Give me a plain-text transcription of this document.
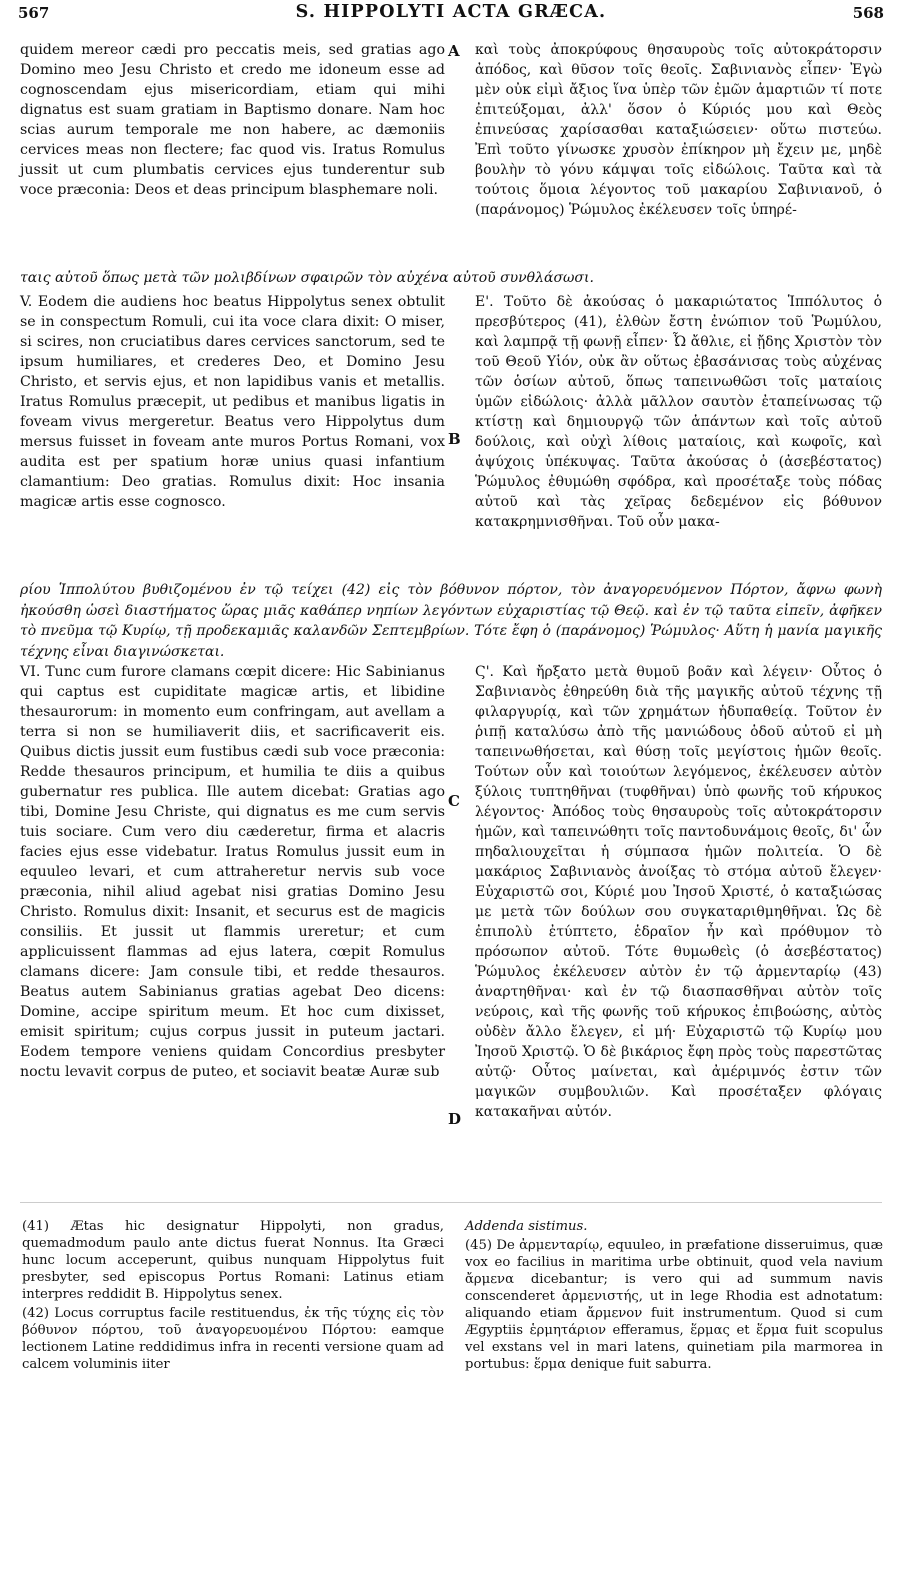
567	S. HIPPOLYTI ACTA GRÆCA.	568
A
B
C
D

quidem mereor cædi pro peccatis meis, sed gratias ago Domino meo Jesu Christo et credo me idoneum esse ad cognoscendam ejus misericordiam, etiam qui mihi dignatus est suam gratiam in Baptismo donare. Nam hoc scias aurum temporale me non habere, ac dæmoniis cervices meas non flectere; fac quod vis. Iratus Romulus jussit ut cum plumbatis cervices ejus tunderentur sub voce præconia: Deos et deas principum blasphemare noli.

καὶ τοὺς ἀποκρύφους θησαυροὺς τοῖς αὐτοκράτορσιν ἀπόδος, καὶ θῦσον τοῖς θεοῖς. Σαβινιανὸς εἶπεν· Ἐγὼ μὲν οὐκ εἰμὶ ἄξιος ἵνα ὑπὲρ τῶν ἐμῶν ἁμαρτιῶν τί ποτε ἐπιτεύξομαι, ἀλλ' ὅσον ὁ Κύριός μου καὶ Θεὸς ἐπινεύσας χαρίσασθαι καταξιώσειεν· οὕτω πιστεύω. Ἐπὶ τοῦτο γίνωσκε χρυσὸν ἐπίκηρον μὴ ἔχειν με, μηδὲ βουλὴν τὸ γόνυ κάμψαι τοῖς εἰδώλοις. Ταῦτα καὶ τὰ τούτοις ὅμοια λέγοντος τοῦ μακαρίου Σαβινιανοῦ, ὁ (παράνομος) Ῥώμυλος ἐκέλευσεν τοῖς ὑπηρέ-

ταις αὐτοῦ ὅπως μετὰ τῶν μολιβδίνων σφαιρῶν τὸν αὐχένα αὐτοῦ συνθλάσωσι.

V. Eodem die audiens hoc beatus Hippolytus senex obtulit se in conspectum Romuli, cui ita voce clara dixit: O miser, si scires, non cruciatibus dares cervices sanctorum, sed te ipsum humiliares, et crederes Deo, et Domino Jesu Christo, et servis ejus, et non lapidibus vanis et metallis. Iratus Romulus præcepit, ut pedibus et manibus ligatis in foveam vivus mergeretur. Beatus vero Hippolytus dum mersus fuisset in foveam ante muros Portus Romani, vox audita est per spatium horæ unius quasi infantium clamantium: Deo gratias. Romulus dixit: Hoc insania magicæ artis esse cognosco.

Ε'. Τοῦτο δὲ ἀκούσας ὁ μακαριώτατος Ἱππόλυτος ὁ πρεσβύτερος (41), ἐλθὼν ἔστη ἐνώπιον τοῦ Ῥωμύλου, καὶ λαμπρᾷ τῇ φωνῇ εἶπεν· Ὦ ἄθλιε, εἰ ᾔδης Χριστὸν τὸν τοῦ Θεοῦ Υἱόν, οὐκ ἂν οὕτως ἐβασάνισας τοὺς αὐχένας τῶν ὁσίων αὐτοῦ, ὅπως ταπεινωθῶσι τοῖς ματαίοις ὑμῶν εἰδώλοις· ἀλλὰ μᾶλλον σαυτὸν ἐταπείνωσας τῷ κτίστῃ καὶ δημιουργῷ τῶν ἁπάντων καὶ τοῖς αὐτοῦ δούλοις, καὶ οὐχὶ λίθοις ματαίοις, καὶ κωφοῖς, καὶ ἀψύχοις ὑπέκυψας. Ταῦτα ἀκούσας ὁ (ἀσεβέστατος) Ῥώμυλος ἐθυμώθη σφόδρα, καὶ προσέταξε τοὺς πόδας αὐτοῦ καὶ τὰς χεῖρας δεδεμένον εἰς βόθυνον κατακρημνισθῆναι. Τοῦ οὖν μακα-

ρίου Ἱππολύτου βυθιζομένου ἐν τῷ τείχει (42) εἰς τὸν βόθυνον πόρτον, τὸν ἀναγορευόμενον Πόρτον, ἄφνω φωνὴ ἠκούσθη ὡσεὶ διαστήματος ὥρας μιᾶς καθάπερ νηπίων λεγόντων εὐχαριστίας τῷ Θεῷ. καὶ ἐν τῷ ταῦτα εἰπεῖν, ἀφῆκεν τὸ πνεῦμα τῷ Κυρίῳ, τῇ προδεκαμιᾶς καλανδῶν Σεπτεμβρίων. Τότε ἔφη ὁ (παράνομος) Ῥώμυλος· Αὕτη ἡ μανία μαγικῆς τέχνης εἶναι διαγινώσκεται.

VI. Tunc cum furore clamans cœpit dicere: Hic Sabinianus qui captus est cupiditate magicæ artis, et libidine thesaurorum: in momento eum confringam, aut avellam a terra si non se humiliaverit diis, et sacrificaverit eis. Quibus dictis jussit eum fustibus cædi sub voce præconia: Redde thesauros principum, et humilia te diis a quibus gubernatur res publica. Ille autem dicebat: Gratias ago tibi, Domine Jesu Christe, qui dignatus es me cum servis tuis sociare. Cum vero diu cæderetur, firma et alacris facies ejus esse videbatur. Iratus Romulus jussit eum in equuleo levari, et cum attraheretur nervis sub voce præconia, nihil aliud agebat nisi gratias Domino Jesu Christo. Romulus dixit: Insanit, et securus est de magicis consiliis. Et jussit ut flammis ureretur; et cum applicuissent flammas ad ejus latera, cœpit Romulus clamans dicere: Jam consule tibi, et redde thesauros. Beatus autem Sabinianus gratias agebat Deo dicens: Domine, accipe spiritum meum. Et hoc cum dixisset, emisit spiritum; cujus corpus jussit in puteum jactari. Eodem tempore veniens quidam Concordius presbyter noctu levavit corpus de puteo, et sociavit beatæ Auræ sub

Ϛ'. Καὶ ἤρξατο μετὰ θυμοῦ βοᾶν καὶ λέγειν· Οὗτος ὁ Σαβινιανὸς ἐθηρεύθη διὰ τῆς μαγικῆς αὐτοῦ τέχνης τῇ φιλαργυρίᾳ, καὶ τῶν χρημάτων ἡδυπαθείᾳ. Τοῦτον ἐν ῥιπῇ καταλύσω ἀπὸ τῆς μανιώδους ὁδοῦ αὐτοῦ εἰ μὴ ταπεινωθήσεται, καὶ θύσῃ τοῖς μεγίστοις ἡμῶν θεοῖς. Τούτων οὖν καὶ τοιούτων λεγόμενος, ἐκέλευσεν αὐτὸν ξύλοις τυπτηθῆναι (τυφθῆναι) ὑπὸ φωνῆς τοῦ κήρυκος λέγοντος· Ἀπόδος τοὺς θησαυροὺς τοῖς αὐτοκράτορσιν ἡμῶν, καὶ ταπεινώθητι τοῖς παντοδυνάμοις θεοῖς, δι' ὧν πηδαλιουχεῖται ἡ σύμπασα ἡμῶν πολιτεία. Ὁ δὲ μακάριος Σαβινιανὸς ἀνοίξας τὸ στόμα αὐτοῦ ἔλεγεν· Εὐχαριστῶ σοι, Κύριέ μου Ἰησοῦ Χριστέ, ὁ καταξιώσας με μετὰ τῶν δούλων σου συγκαταριθμηθῆναι. Ὡς δὲ ἐπιπολὺ ἐτύπτετο, ἑδραῖον ἦν καὶ πρόθυμον τὸ πρόσωπον αὐτοῦ. Τότε θυμωθεὶς (ὁ ἀσεβέστατος) Ῥώμυλος ἐκέλευσεν αὐτὸν ἐν τῷ ἀρμενταρίῳ (43) ἀναρτηθῆναι· καὶ ἐν τῷ διασπασθῆναι αὐτὸν τοῖς νεύροις, καὶ τῆς φωνῆς τοῦ κήρυκος ἐπιβοώσης, αὐτὸς οὐδὲν ἄλλο ἔλεγεν, εἰ μή· Εὐχαριστῶ τῷ Κυρίῳ μου Ἰησοῦ Χριστῷ. Ὁ δὲ βικάριος ἔφη πρὸς τοὺς παρεστῶτας αὐτῷ· Οὗτος μαίνεται, καὶ ἀμέριμνός ἐστιν τῶν μαγικῶν συμβουλιῶν. Καὶ προσέταξεν φλόγαις κατακαῆναι αὐτόν.

(41) Ætas hic designatur Hippolyti, non gradus, quemadmodum paulo ante dictus fuerat Nonnus. Ita Græci hunc locum acceperunt, quibus nunquam Hippolytus fuit presbyter, sed episcopus Portus Romani: Latinus etiam interpres reddidit B. Hippolytus senex.

(42) Locus corruptus facile restituendus, ἐκ τῆς τύχης εἰς τὸν βόθυνον πόρτου, τοῦ ἀναγορευομένου Πόρτου: eamque lectionem Latine reddidimus infra in recenti versione quam ad calcem voluminis iiter

Addenda sistimus.

(45) De ἀρμενταρίῳ, equuleo, in præfatione disseruimus, quæ vox eo facilius in maritima urbe obtinuit, quod vela navium ἄρμενα dicebantur; is vero qui ad summum navis conscenderet ἀρμενιστής, ut in lege Rhodia est adnotatum: aliquando etiam ἄρμενον fuit instrumentum. Quod si cum Ægyptiis ἑρμητάριον efferamus, ἕρμας et ἕρμα fuit scopulus vel exstans vel in mari latens, quinetiam pila marmorea in portubus: ἕρμα denique fuit saburra.
